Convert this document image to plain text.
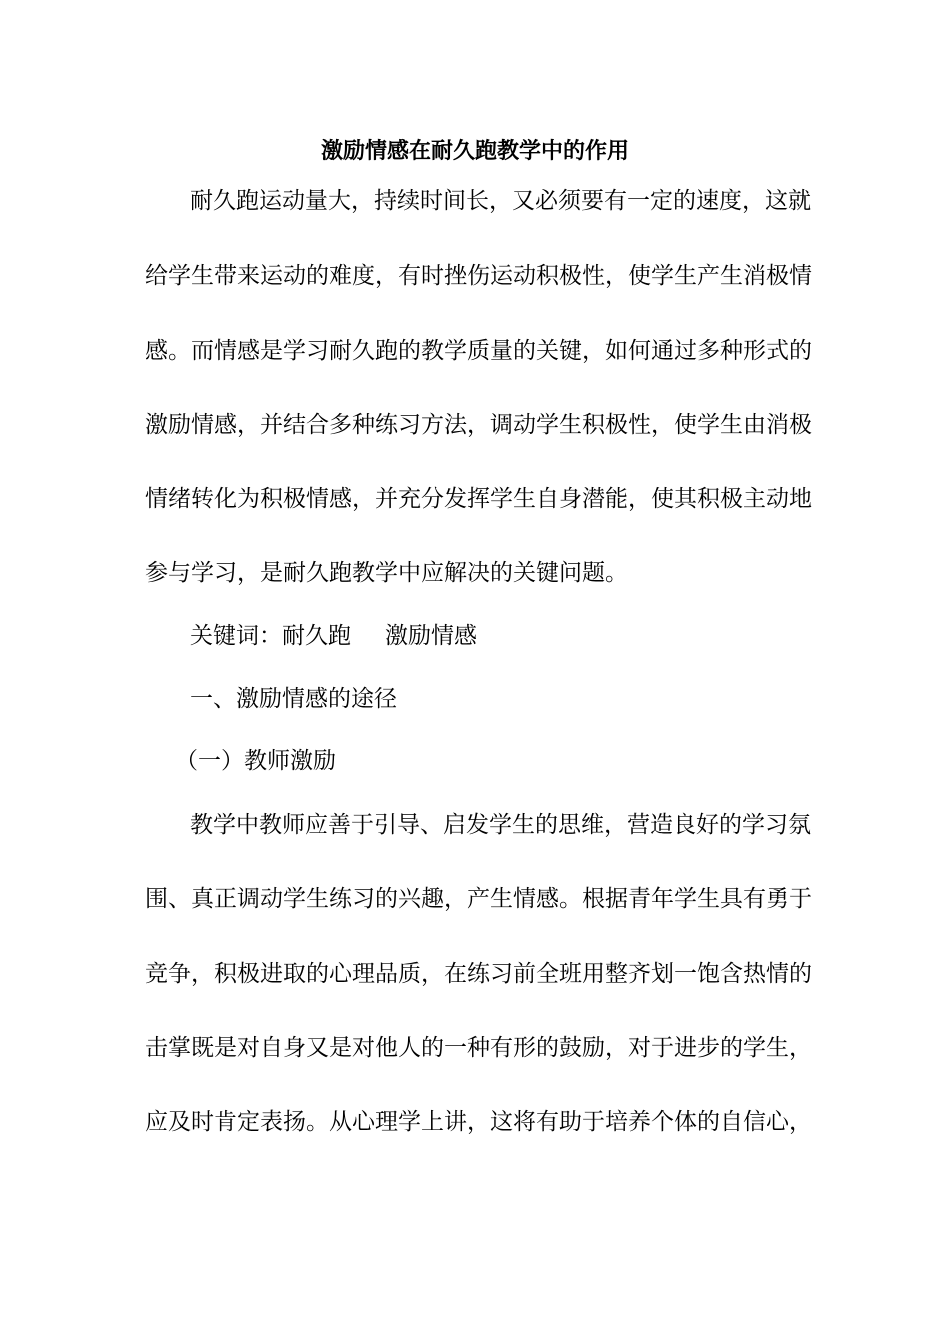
激励情感在耐久跑教学中的作用
耐久跑运动量大，持续时间长，又必须要有一定的速度，这就
给学生带来运动的难度，有时挫伤运动积极性，使学生产生消极情
感。而情感是学习耐久跑的教学质量的关键，如何通过多种形式的
激励情感，并结合多种练习方法，调动学生积极性，使学生由消极
情绪转化为积极情感，并充分发挥学生自身潜能，使其积极主动地
参与学习，是耐久跑教学中应解决的关键问题。
关键词：耐久跑 激励情感
一、激励情感的途径
（一）教师激励
教学中教师应善于引导、启发学生的思维，营造良好的学习氛
围、真正调动学生练习的兴趣，产生情感。根据青年学生具有勇于
竞争，积极进取的心理品质，在练习前全班用整齐划一饱含热情的
击掌既是对自身又是对他人的一种有形的鼓励，对于进步的学生，
应及时肯定表扬。从心理学上讲，这将有助于培养个体的自信心，
